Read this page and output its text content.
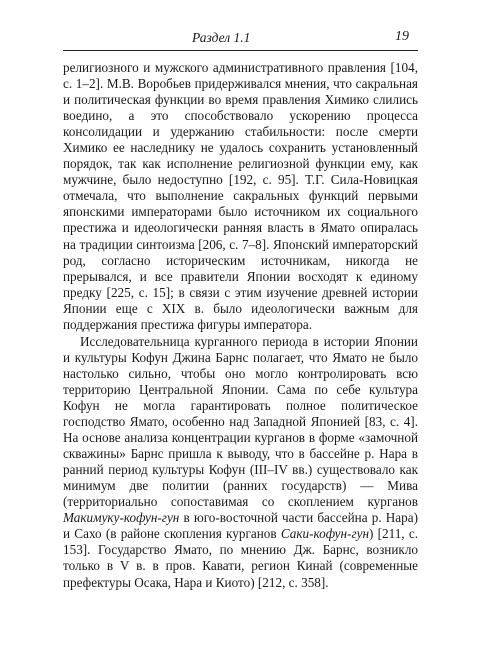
Раздел 1.1	19

религиозного и мужского административного правления [104, с. 1–2]. М.В. Воробьев придерживался мнения, что сакральная и политическая функции во время правления Химико слились воедино, а это способствовало ускорению процесса консолидации и удержанию стабильности: после смерти Химико ее наследнику не удалось сохранить установленный порядок, так как исполнение религиозной функции ему, как мужчине, было недоступно [192, с. 95]. Т.Г. Сила-Новицкая отмечала, что выполнение сакральных функций первыми японскими императорами было источником их социального престижа и идеологически ранняя власть в Ямато опиралась на традиции синтоизма [206, с. 7–8]. Японский императорский род, согласно историческим источникам, никогда не прерывался, и все правители Японии восходят к единому предку [225, с. 15]; в связи с этим изучение древней истории Японии еще с XIX в. было идеологически важным для поддержания престижа фигуры императора.

Исследовательница курганного периода в истории Японии и культуры Кофун Джина Барнс полагает, что Ямато не было настолько сильно, чтобы оно могло контролировать всю территорию Центральной Японии. Сама по себе культура Кофун не могла гарантировать полное политическое господство Ямато, особенно над Западной Японией [83, с. 4]. На основе анализа концентрации курганов в форме «замочной скважины» Барнс пришла к выводу, что в бассейне р. Нара в ранний период культуры Кофун (III–IV вв.) существовало как минимум две политии (ранних государств) — Мива (территориально сопоставимая со скоплением курганов Макимуку-кофун-гун в юго-восточной части бассейна р. Нара) и Сахо (в районе скопления курганов Саки-кофун-гун) [211, с. 153]. Государство Ямато, по мнению Дж. Барнс, возникло только в V в. в пров. Кавати, регион Кинай (современные префектуры Осака, Нара и Киото) [212, с. 358].
